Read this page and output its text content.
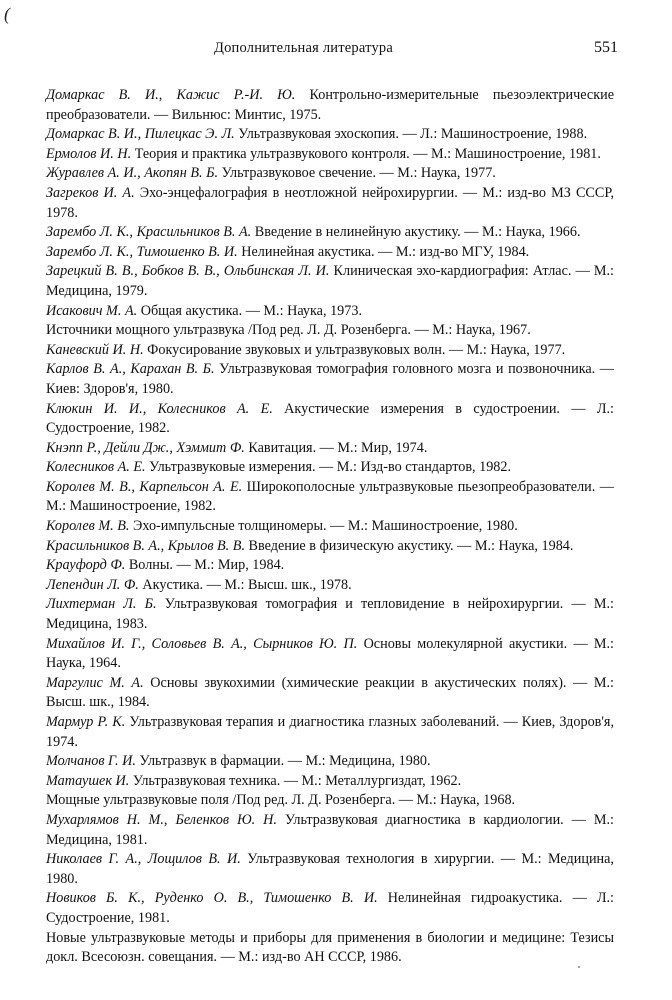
(
Дополнительная литература	551

Домаркас В. И., Кажис Р.-И. Ю. Контрольно-измерительные пьезоэлектрические преобразователи. — Вильнюс: Минтис, 1975.

Домаркас В. И., Пилецкас Э. Л. Ультразвуковая эхоскопия. — Л.: Машиностроение, 1988.

Ермолов И. Н. Теория и практика ультразвукового контроля. — М.: Машиностроение, 1981.

Журавлев А. И., Акопян В. Б. Ультразвуковое свечение. — М.: Наука, 1977.

Загреков И. А. Эхо-энцефалография в неотложной нейрохирургии. — М.: изд-во МЗ СССР, 1978.

Зарембо Л. К., Красильников В. А. Введение в нелинейную акустику. — М.: Наука, 1966.

Зарембо Л. К., Тимошенко В. И. Нелинейная акустика. — М.: изд-во МГУ, 1984.

Зарецкий В. В., Бобков В. В., Ольбинская Л. И. Клиническая эхо-кардиография: Атлас. — М.: Медицина, 1979.

Исакович М. А. Общая акустика. — М.: Наука, 1973.

Источники мощного ультразвука /Под ред. Л. Д. Розенберга. — М.: Наука, 1967.

Каневский И. Н. Фокусирование звуковых и ультразвуковых волн. — М.: Наука, 1977.

Карлов В. А., Карахан В. Б. Ультразвуковая томография головного мозга и позвоночника. — Киев: Здоров'я, 1980.

Клюкин И. И., Колесников А. Е. Акустические измерения в судостроении. — Л.: Судостроение, 1982.

Кнэпп Р., Дейли Дж., Хэммит Ф. Кавитация. — М.: Мир, 1974.

Колесников А. Е. Ультразвуковые измерения. — М.: Изд-во стандартов, 1982.

Королев М. В., Карпельсон А. Е. Широкополосные ультразвуковые пьезопреобразователи. — М.: Машиностроение, 1982.

Королев М. В. Эхо-импульсные толщиномеры. — М.: Машиностроение, 1980.

Красильников В. А., Крылов В. В. Введение в физическую акустику. — М.: Наука, 1984.

Крауфорд Ф. Волны. — М.: Мир, 1984.

Лепендин Л. Ф. Акустика. — М.: Высш. шк., 1978.

Лихтерман Л. Б. Ультразвуковая томография и тепловидение в нейрохирургии. — М.: Медицина, 1983.

Михайлов И. Г., Соловьев В. А., Сырников Ю. П. Основы молекулярной акустики. — М.: Наука, 1964.

Маргулис М. А. Основы звукохимии (химические реакции в акустических полях). — М.: Высш. шк., 1984.

Мармур Р. К. Ультразвуковая терапия и диагностика глазных заболеваний. — Киев, Здоров'я, 1974.

Молчанов Г. И. Ультразвук в фармации. — М.: Медицина, 1980.

Матаушек И. Ультразвуковая техника. — М.: Металлургиздат, 1962.

Мощные ультразвуковые поля /Под ред. Л. Д. Розенберга. — М.: Наука, 1968.

Мухарлямов Н. М., Беленков Ю. Н. Ультразвуковая диагностика в кардиологии. — М.: Медицина, 1981.

Николаев Г. А., Лощилов В. И. Ультразвуковая технология в хирургии. — М.: Медицина, 1980.

Новиков Б. К., Руденко О. В., Тимошенко В. И. Нелинейная гидроакустика. — Л.: Судостроение, 1981.

Новые ультразвуковые методы и приборы для применения в биологии и медицине: Тезисы докл. Всесоюзн. совещания. — М.: изд-во АН СССР, 1986.
